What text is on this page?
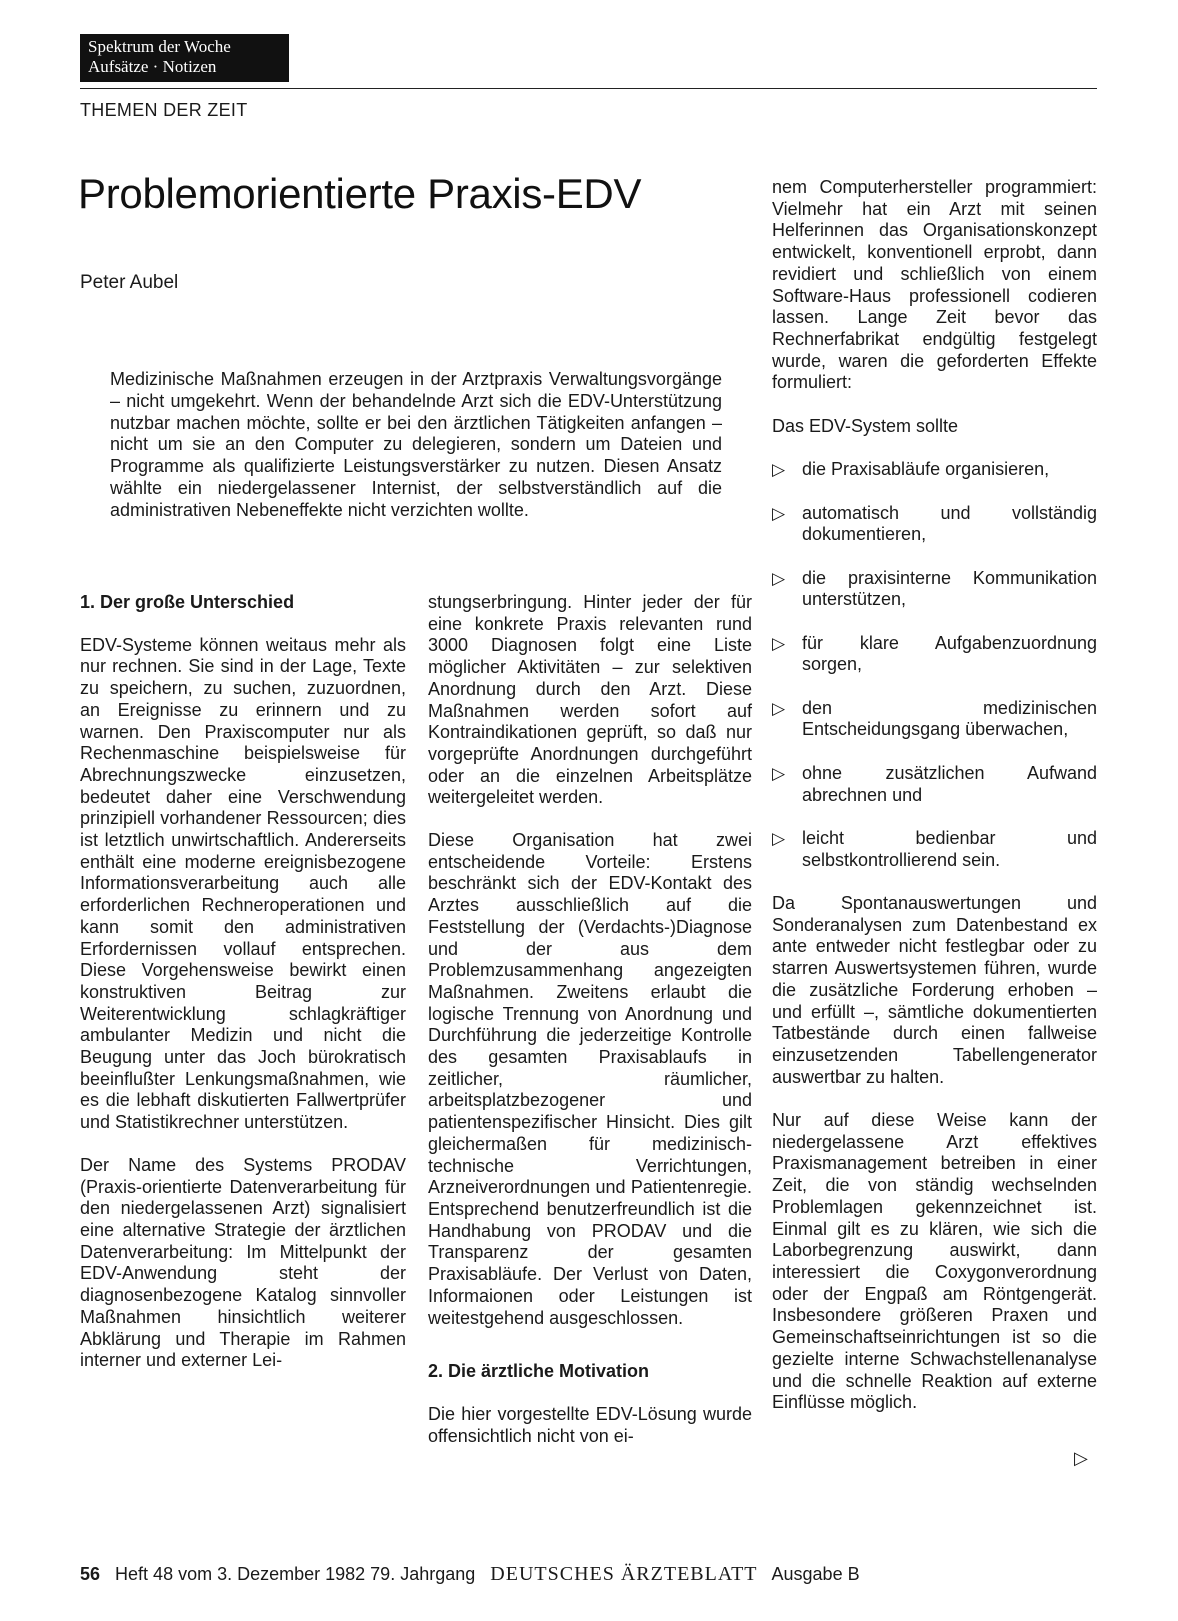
Spektrum der Woche
Aufsätze · Notizen
THEMEN DER ZEIT
Problemorientierte Praxis-EDV
Peter Aubel
Medizinische Maßnahmen erzeugen in der Arztpraxis Verwaltungsvorgänge – nicht umgekehrt. Wenn der behandelnde Arzt sich die EDV-Unterstützung nutzbar machen möchte, sollte er bei den ärztlichen Tätigkeiten anfangen – nicht um sie an den Computer zu delegieren, sondern um Dateien und Programme als qualifizierte Leistungsverstärker zu nutzen. Diesen Ansatz wählte ein niedergelassener Internist, der selbstverständlich auf die administrativen Nebeneffekte nicht verzichten wollte.
1. Der große Unterschied

EDV-Systeme können weitaus mehr als nur rechnen. Sie sind in der Lage, Texte zu speichern, zu suchen, zuzuordnen, an Ereignisse zu erinnern und zu warnen. Den Praxiscomputer nur als Rechenmaschine beispielsweise für Abrechnungszwecke einzusetzen, bedeutet daher eine Verschwendung prinzipiell vorhandener Ressourcen; dies ist letztlich unwirtschaftlich. Andererseits enthält eine moderne ereignisbezogene Informationsverarbeitung auch alle erforderlichen Rechneroperationen und kann somit den administrativen Erfordernissen vollauf entsprechen. Diese Vorgehensweise bewirkt einen konstruktiven Beitrag zur Weiterentwicklung schlagkräftiger ambulanter Medizin und nicht die Beugung unter das Joch bürokratisch beeinflußter Lenkungsmaßnahmen, wie es die lebhaft diskutierten Fallwertprüfer und Statistikrechner unterstützen.

Der Name des Systems PRODAV (Praxis-orientierte Datenverarbeitung für den niedergelassenen Arzt) signalisiert eine alternative Strategie der ärztlichen Datenverarbeitung: Im Mittelpunkt der EDV-Anwendung steht der diagnosenbezogene Katalog sinnvoller Maßnahmen hinsichtlich weiterer Abklärung und Therapie im Rahmen interner und externer Lei-

stungserbringung. Hinter jeder der für eine konkrete Praxis relevanten rund 3000 Diagnosen folgt eine Liste möglicher Aktivitäten – zur selektiven Anordnung durch den Arzt. Diese Maßnahmen werden sofort auf Kontraindikationen geprüft, so daß nur vorgeprüfte Anordnungen durchgeführt oder an die einzelnen Arbeitsplätze weitergeleitet werden.

Diese Organisation hat zwei entscheidende Vorteile: Erstens beschränkt sich der EDV-Kontakt des Arztes ausschließlich auf die Feststellung der (Verdachts-)Diagnose und der aus dem Problemzusammenhang angezeigten Maßnahmen. Zweitens erlaubt die logische Trennung von Anordnung und Durchführung die jederzeitige Kontrolle des gesamten Praxisablaufs in zeitlicher, räumlicher, arbeitsplatzbezogener und patientenspezifischer Hinsicht. Dies gilt gleichermaßen für medizinisch-technische Verrichtungen, Arzneiverordnungen und Patientenregie. Entsprechend benutzerfreundlich ist die Handhabung von PRODAV und die Transparenz der gesamten Praxisabläufe. Der Verlust von Daten, Informaionen oder Leistungen ist weitestgehend ausgeschlossen.

2. Die ärztliche Motivation

Die hier vorgestellte EDV-Lösung wurde offensichtlich nicht von ei-

nem Computerhersteller programmiert: Vielmehr hat ein Arzt mit seinen Helferinnen das Organisationskonzept entwickelt, konventionell erprobt, dann revidiert und schließlich von einem Software-Haus professionell codieren lassen. Lange Zeit bevor das Rechnerfabrikat endgültig festgelegt wurde, waren die geforderten Effekte formuliert:

Das EDV-System sollte

▷ die Praxisabläufe organisieren,
▷ automatisch und vollständig dokumentieren,
▷ die praxisinterne Kommunikation unterstützen,
▷ für klare Aufgabenzuordnung sorgen,
▷ den medizinischen Entscheidungsgang überwachen,
▷ ohne zusätzlichen Aufwand abrechnen und
▷ leicht bedienbar und selbstkontrollierend sein.

Da Spontanauswertungen und Sonderanalysen zum Datenbestand ex ante entweder nicht festlegbar oder zu starren Auswertsystemen führen, wurde die zusätzliche Forderung erhoben – und erfüllt –, sämtliche dokumentierten Tatbestände durch einen fallweise einzusetzenden Tabellengenerator auswertbar zu halten.

Nur auf diese Weise kann der niedergelassene Arzt effektives Praxismanagement betreiben in einer Zeit, die von ständig wechselnden Problemlagen gekennzeichnet ist. Einmal gilt es zu klären, wie sich die Laborbegrenzung auswirkt, dann interessiert die Coxygonverordnung oder der Engpaß am Röntgengerät. Insbesondere größeren Praxen und Gemeinschaftseinrichtungen ist so die gezielte interne Schwachstellenanalyse und die schnelle Reaktion auf externe Einflüsse möglich.

▷
56 Heft 48 vom 3. Dezember 1982 79. Jahrgang DEUTSCHES ÄRZTEBLATT Ausgabe B
